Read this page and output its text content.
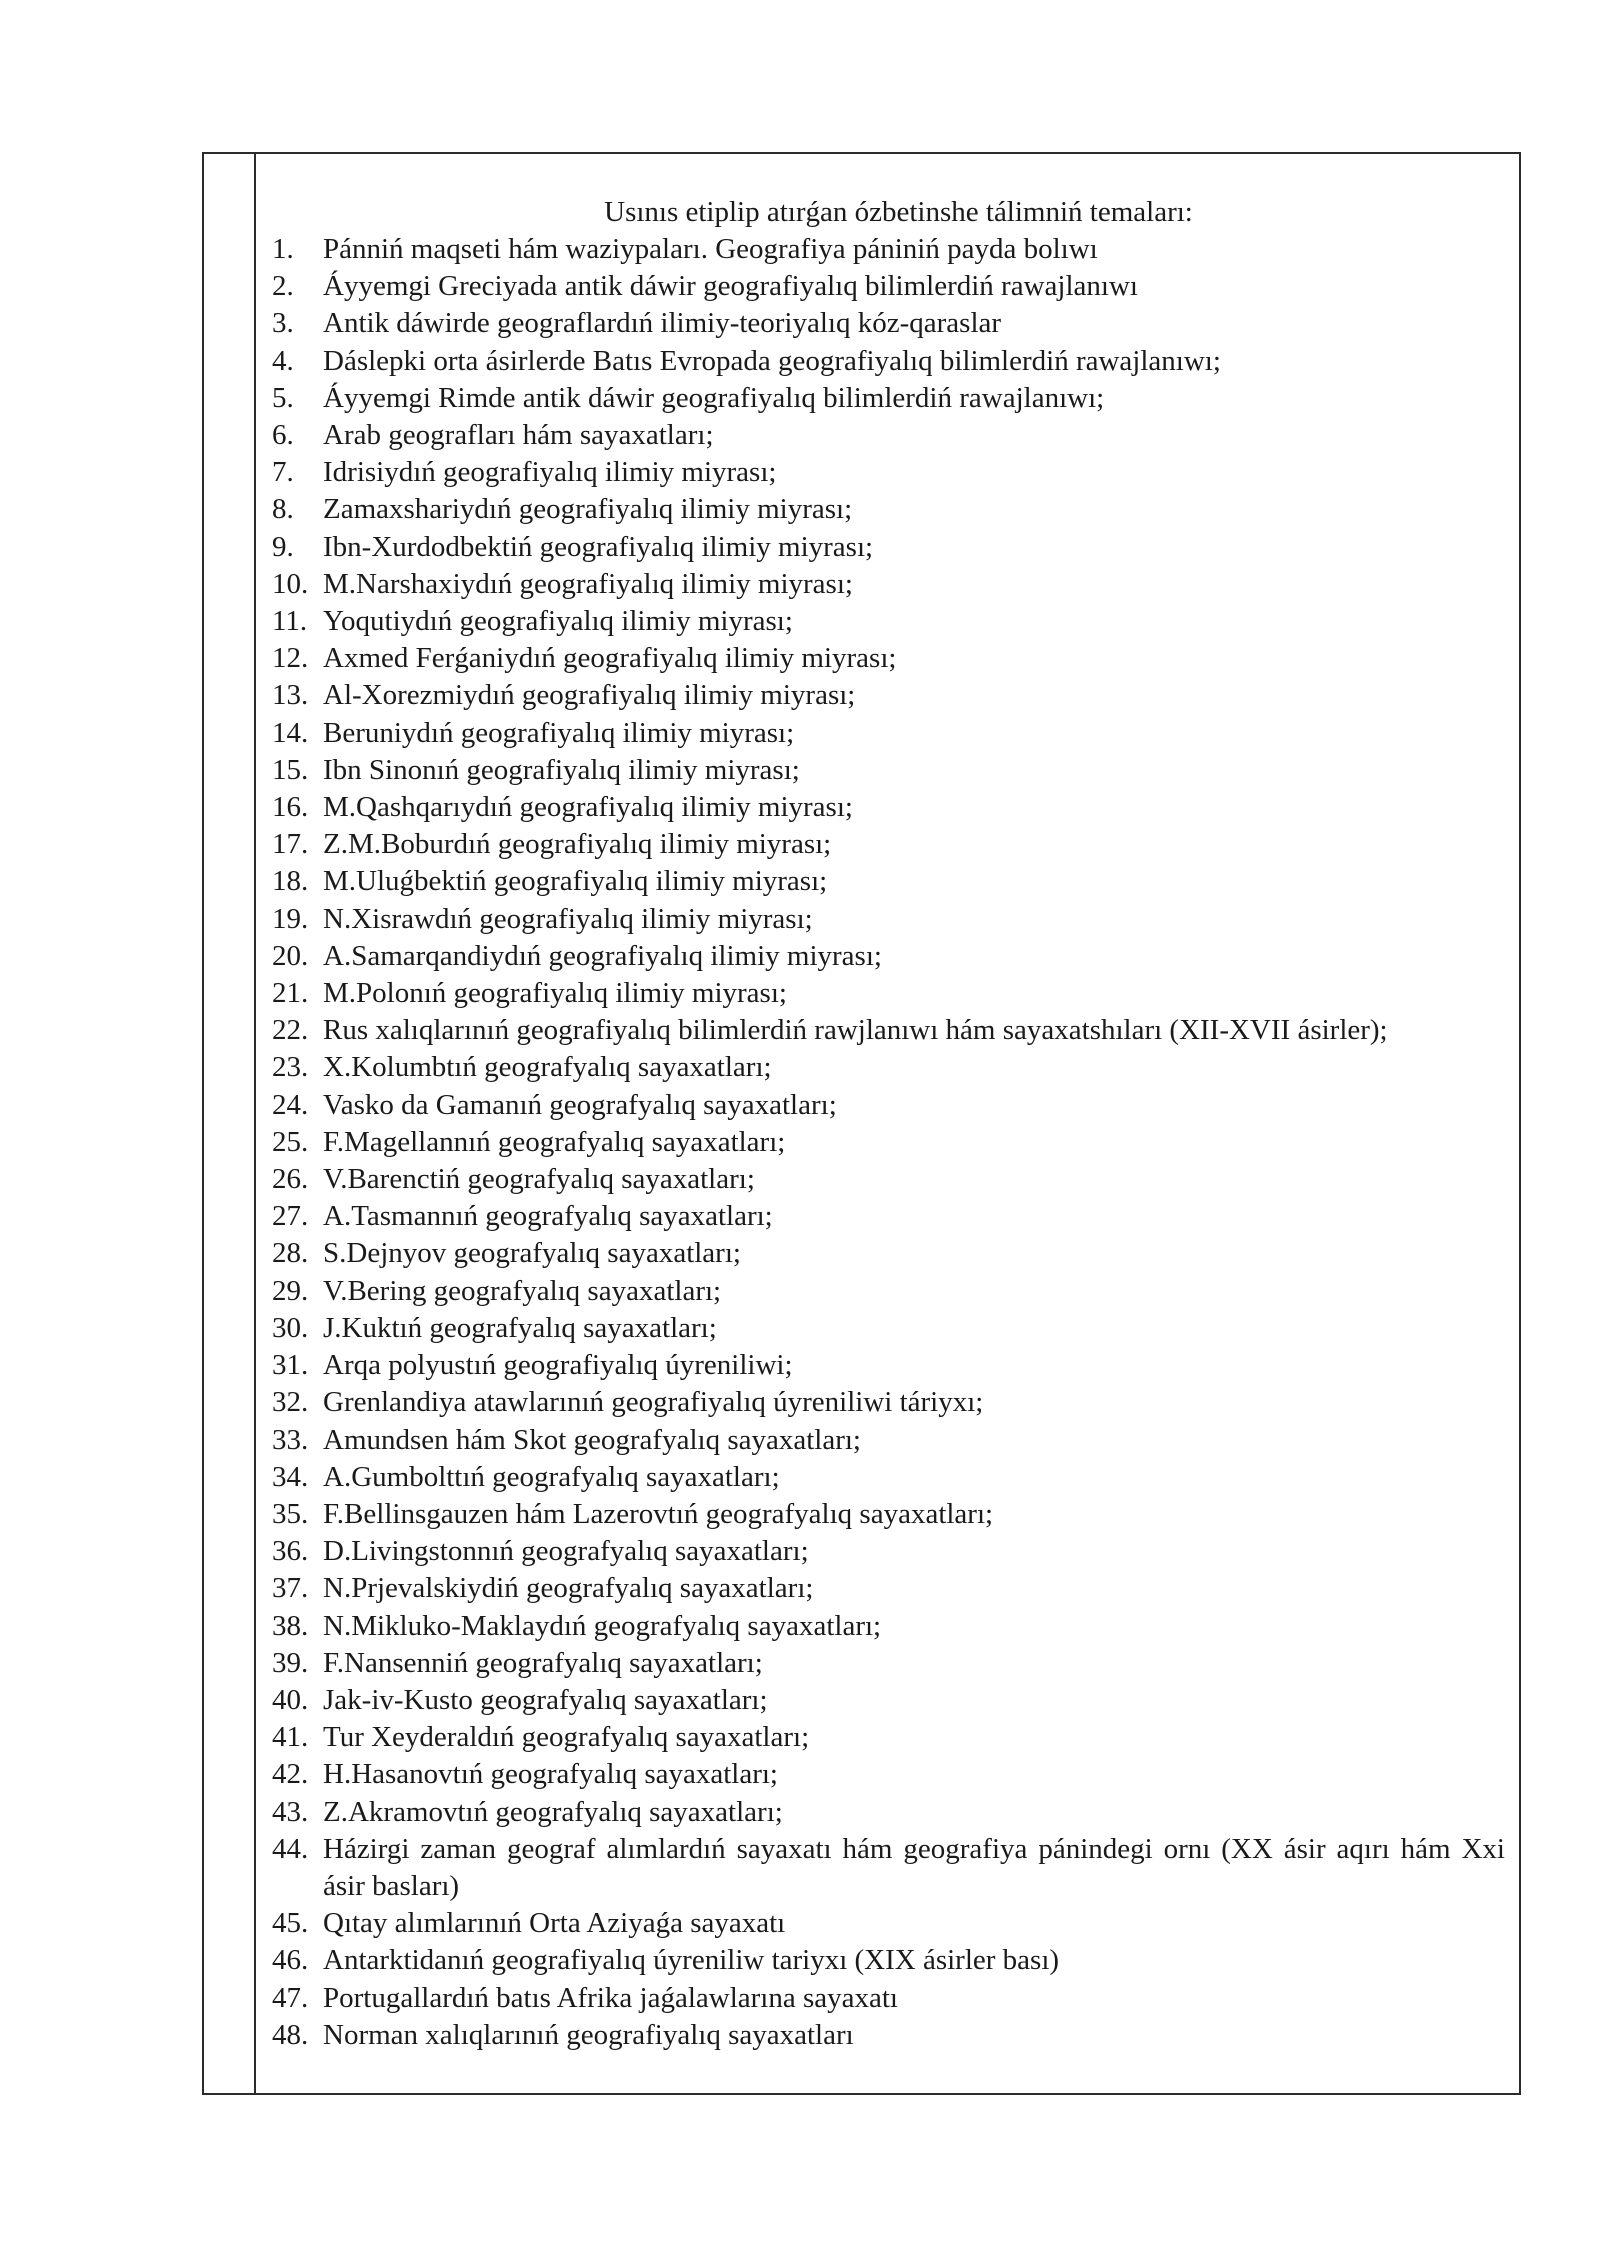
Usınıs etiplip atırǵan ózbetinshe tálimniń temaları:

1. Pánniń maqseti hám waziypaları. Geografiya pániniń payda bolıwı
2. Áyyemgi Greciyada antik dáwir geografiyalıq bilimlerdiń rawajlanıwı
3. Antik dáwirde geograflardıń ilimiy-teoriyalıq kóz-qaraslar
4. Dáslepki orta ásirlerde Batıs Evropada geografiyalıq bilimlerdiń rawajlanıwı;
5. Áyyemgi Rimde antik dáwir geografiyalıq bilimlerdiń rawajlanıwı;
6. Arab geografları hám sayaxatları;
7. Idrisiydıń geografiyalıq ilimiy miyrası;
8. Zamaxshariydıń geografiyalıq ilimiy miyrası;
9. Ibn-Xurdodbektiń geografiyalıq ilimiy miyrası;
10. M.Narshaxiydıń geografiyalıq ilimiy miyrası;
11. Yoqutiydıń geografiyalıq ilimiy miyrası;
12. Axmed Ferǵaniydıń geografiyalıq ilimiy miyrası;
13. Al-Xorezmiydıń geografiyalıq ilimiy miyrası;
14. Beruniydıń geografiyalıq ilimiy miyrası;
15. Ibn Sinonıń geografiyalıq ilimiy miyrası;
16. M.Qashqarıydıń geografiyalıq ilimiy miyrası;
17. Z.M.Boburdıń geografiyalıq ilimiy miyrası;
18. M.Uluǵbektiń geografiyalıq ilimiy miyrası;
19. N.Xisrawdıń geografiyalıq ilimiy miyrası;
20. A.Samarqandiydıń geografiyalıq ilimiy miyrası;
21. M.Polonıń geografiyalıq ilimiy miyrası;
22. Rus xalıqlarınıń geografiyalıq bilimlerdiń rawjlanıwı hám sayaxatshıları (XII-XVII ásirler);
23. X.Kolumbtıń geografyalıq sayaxatları;
24. Vasko da Gamanıń geografyalıq sayaxatları;
25. F.Magellannıń geografyalıq sayaxatları;
26. V.Barenctiń geografyalıq sayaxatları;
27. A.Tasmannıń geografyalıq sayaxatları;
28. S.Dejnyov geografyalıq sayaxatları;
29. V.Bering geografyalıq sayaxatları;
30. J.Kuktıń geografyalıq sayaxatları;
31. Arqa polyustıń geografiyalıq úyreniliwi;
32. Grenlandiya atawlarınıń geografiyalıq úyreniliwi táriyxı;
33. Amundsen hám Skot geografyalıq sayaxatları;
34. A.Gumbolttıń geografyalıq sayaxatları;
35. F.Bellinsgauzen hám Lazerovtıń geografyalıq sayaxatları;
36. D.Livingstonnıń geografyalıq sayaxatları;
37. N.Prjevalskiydiń geografyalıq sayaxatları;
38. N.Mikluko-Maklaydıń geografyalıq sayaxatları;
39. F.Nansenniń geografyalıq sayaxatları;
40. Jak-iv-Kusto geografyalıq sayaxatları;
41. Tur Xeyderaldıń geografyalıq sayaxatları;
42. H.Hasanovtıń geografyalıq sayaxatları;
43. Z.Akramovtıń geografyalıq sayaxatları;
44. Házirgi zaman geograf alımlardıń sayaxatı hám geografiya pánindegi ornı (XX ásir aqırı hám Xxi ásir basları)
45. Qıtay alımlarınıń Orta Aziyaǵa sayaxatı
46. Antarktidanıń geografiyalıq úyreniliw tariyxı (XIX ásirler bası)
47. Portugallardıń batıs Afrika jaǵalawlarına sayaxatı
48. Norman xalıqlarınıń geografiyalıq sayaxatları
